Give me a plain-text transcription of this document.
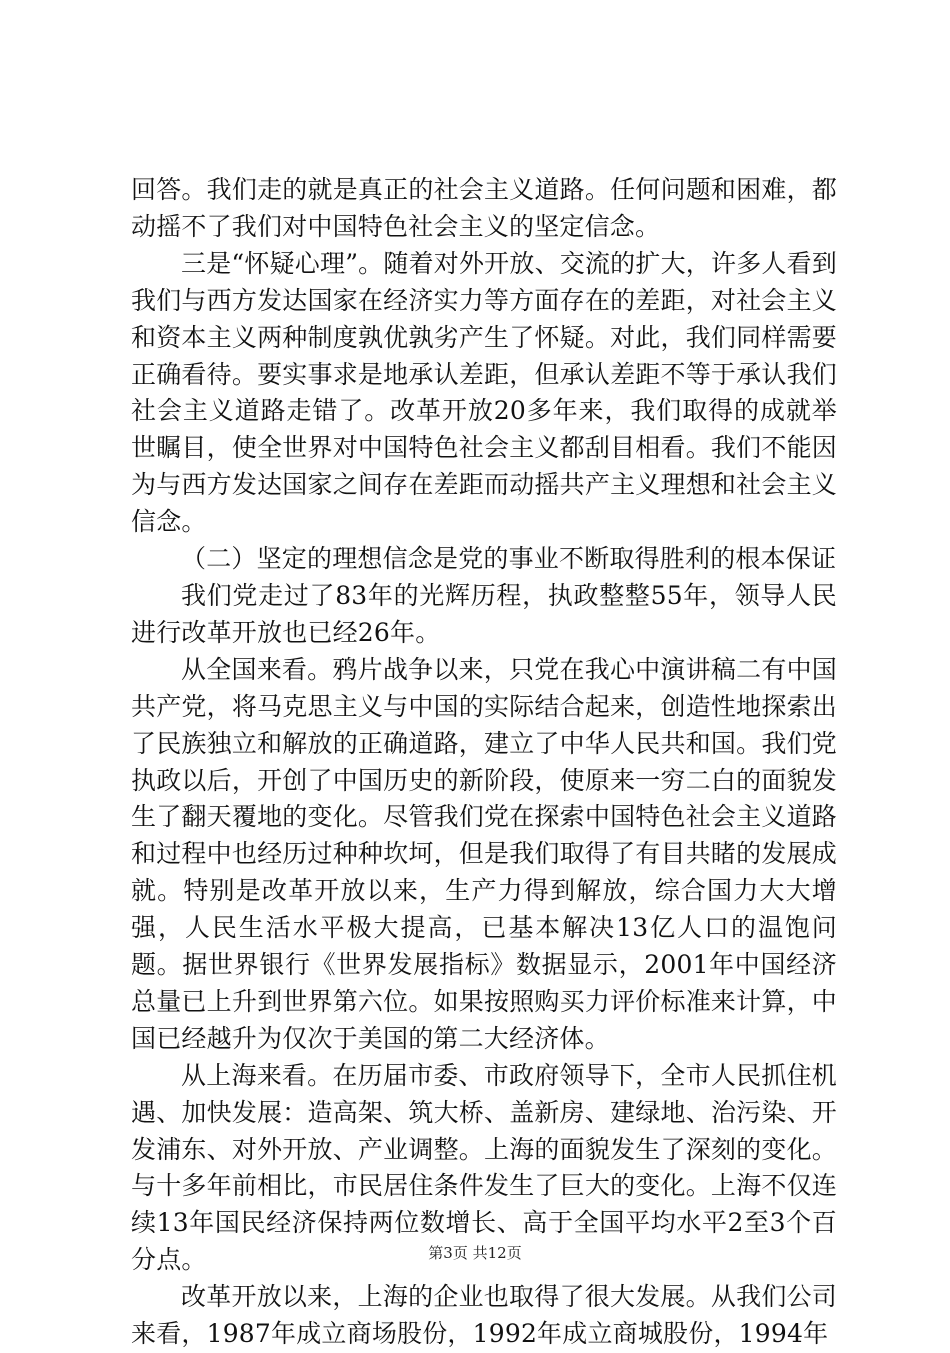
回答。我们走的就是真正的社会主义道路。任何问题和困难，都动摇不了我们对中国特色社会主义的坚定信念。

三是“怀疑心理”。随着对外开放、交流的扩大，许多人看到我们与西方发达国家在经济实力等方面存在的差距，对社会主义和资本主义两种制度孰优孰劣产生了怀疑。对此，我们同样需要正确看待。要实事求是地承认差距，但承认差距不等于承认我们社会主义道路走错了。改革开放20多年来，我们取得的成就举世瞩目，使全世界对中国特色社会主义都刮目相看。我们不能因为与西方发达国家之间存在差距而动摇共产主义理想和社会主义信念。

（二）坚定的理想信念是党的事业不断取得胜利的根本保证

我们党走过了83年的光辉历程，执政整整55年，领导人民进行改革开放也已经26年。

从全国来看。鸦片战争以来，只党在我心中演讲稿二有中国共产党，将马克思主义与中国的实际结合起来，创造性地探索出了民族独立和解放的正确道路，建立了中华人民共和国。我们党执政以后，开创了中国历史的新阶段，使原来一穷二白的面貌发生了翻天覆地的变化。尽管我们党在探索中国特色社会主义道路和过程中也经历过种种坎坷，但是我们取得了有目共睹的发展成就。特别是改革开放以来，生产力得到解放，综合国力大大增强，人民生活水平极大提高，已基本解决13亿人口的温饱问题。据世界银行《世界发展指标》数据显示，2001年中国经济总量已上升到世界第六位。如果按照购买力评价标准来计算，中国已经越升为仅次于美国的第二大经济体。

从上海来看。在历届市委、市政府领导下，全市人民抓住机遇、加快发展：造高架、筑大桥、盖新房、建绿地、治污染、开发浦东、对外开放、产业调整。上海的面貌发生了深刻的变化。与十多年前相比，市民居住条件发生了巨大的变化。上海不仅连续13年国民经济保持两位数增长、高于全国平均水平2至3个百分点。

改革开放以来，上海的企业也取得了很大发展。从我们公司来看，1987年成立商场股份，1992年成立商城股份，1994年

第3页 共12页
